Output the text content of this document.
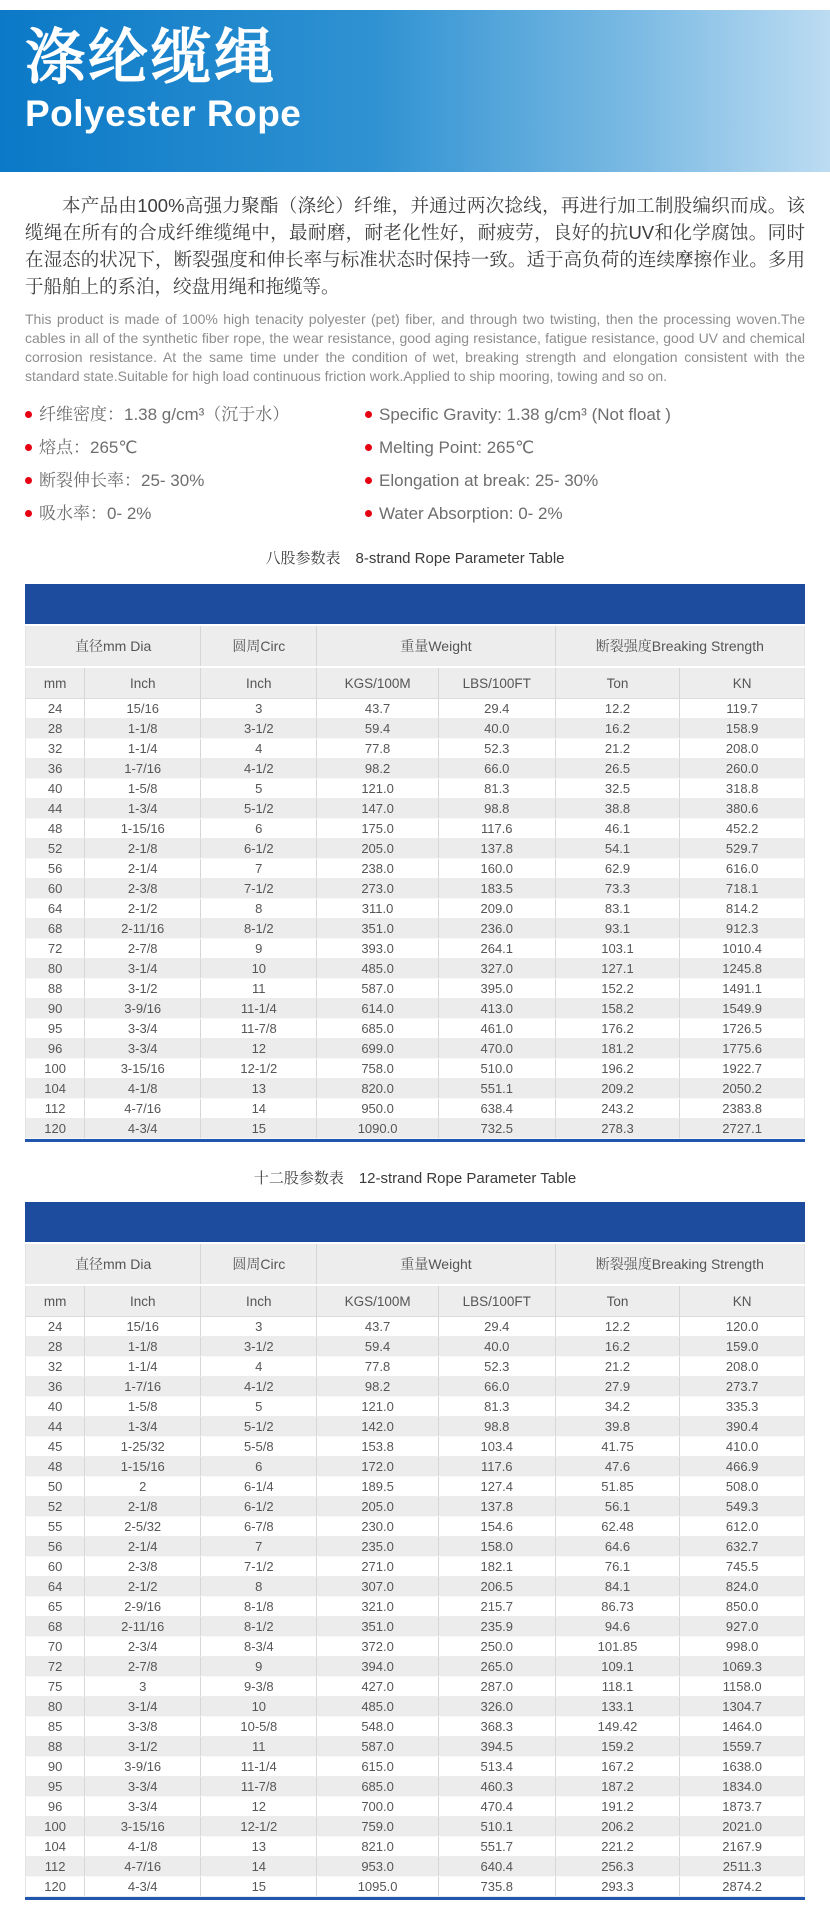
涤纶缆绳
Polyester Rope

本产品由100%高强力聚酯（涤纶）纤维，并通过两次捻线，再进行加工制股编织而成。该缆绳在所有的合成纤维缆绳中，最耐磨，耐老化性好，耐疲劳，良好的抗UV和化学腐蚀。同时在湿态的状况下，断裂强度和伸长率与标准状态时保持一致。适于高负荷的连续摩擦作业。多用于船舶上的系泊，绞盘用绳和拖缆等。

This product is made of 100% high tenacity polyester (pet) fiber, and through two twisting, then the processing woven.The cables in all of the synthetic fiber rope, the wear resistance, good aging resistance, fatigue resistance, good UV and chemical corrosion resistance. At the same time under the condition of wet, breaking strength and elongation consistent with the standard state.Suitable for high load continuous friction work.Applied to ship mooring, towing and so on.

纤维密度：1.38 g/cm³（沉于水）
熔点：265℃
断裂伸长率：25- 30%
吸水率：0- 2%
Specific Gravity: 1.38 g/cm³ (Not float )
Melting Point: 265℃
Elongation at break: 25- 30%
Water Absorption: 0- 2%
八股参数表　8-strand Rope Parameter Table
直径mm Dia		圆周Circ	重量Weight		断裂强度Breaking Strength	
mm	Inch	Inch	KGS/100M	LBS/100FT	Ton	KN
24	15/16	3	43.7	29.4	12.2	119.7
28	1-1/8	3-1/2	59.4	40.0	16.2	158.9
32	1-1/4	4	77.8	52.3	21.2	208.0
36	1-7/16	4-1/2	98.2	66.0	26.5	260.0
40	1-5/8	5	121.0	81.3	32.5	318.8
44	1-3/4	5-1/2	147.0	98.8	38.8	380.6
48	1-15/16	6	175.0	117.6	46.1	452.2
52	2-1/8	6-1/2	205.0	137.8	54.1	529.7
56	2-1/4	7	238.0	160.0	62.9	616.0
60	2-3/8	7-1/2	273.0	183.5	73.3	718.1
64	2-1/2	8	311.0	209.0	83.1	814.2
68	2-11/16	8-1/2	351.0	236.0	93.1	912.3
72	2-7/8	9	393.0	264.1	103.1	1010.4
80	3-1/4	10	485.0	327.0	127.1	1245.8
88	3-1/2	11	587.0	395.0	152.2	1491.1
90	3-9/16	11-1/4	614.0	413.0	158.2	1549.9
95	3-3/4	11-7/8	685.0	461.0	176.2	1726.5
96	3-3/4	12	699.0	470.0	181.2	1775.6
100	3-15/16	12-1/2	758.0	510.0	196.2	1922.7
104	4-1/8	13	820.0	551.1	209.2	2050.2
112	4-7/16	14	950.0	638.4	243.2	2383.8
120	4-3/4	15	1090.0	732.5	278.3	2727.1
十二股参数表　12-strand Rope Parameter Table
直径mm Dia		圆周Circ	重量Weight		断裂强度Breaking Strength	
mm	Inch	Inch	KGS/100M	LBS/100FT	Ton	KN
24	15/16	3	43.7	29.4	12.2	120.0
28	1-1/8	3-1/2	59.4	40.0	16.2	159.0
32	1-1/4	4	77.8	52.3	21.2	208.0
36	1-7/16	4-1/2	98.2	66.0	27.9	273.7
40	1-5/8	5	121.0	81.3	34.2	335.3
44	1-3/4	5-1/2	142.0	98.8	39.8	390.4
45	1-25/32	5-5/8	153.8	103.4	41.75	410.0
48	1-15/16	6	172.0	117.6	47.6	466.9
50	2	6-1/4	189.5	127.4	51.85	508.0
52	2-1/8	6-1/2	205.0	137.8	56.1	549.3
55	2-5/32	6-7/8	230.0	154.6	62.48	612.0
56	2-1/4	7	235.0	158.0	64.6	632.7
60	2-3/8	7-1/2	271.0	182.1	76.1	745.5
64	2-1/2	8	307.0	206.5	84.1	824.0
65	2-9/16	8-1/8	321.0	215.7	86.73	850.0
68	2-11/16	8-1/2	351.0	235.9	94.6	927.0
70	2-3/4	8-3/4	372.0	250.0	101.85	998.0
72	2-7/8	9	394.0	265.0	109.1	1069.3
75	3	9-3/8	427.0	287.0	118.1	1158.0
80	3-1/4	10	485.0	326.0	133.1	1304.7
85	3-3/8	10-5/8	548.0	368.3	149.42	1464.0
88	3-1/2	11	587.0	394.5	159.2	1559.7
90	3-9/16	11-1/4	615.0	513.4	167.2	1638.0
95	3-3/4	11-7/8	685.0	460.3	187.2	1834.0
96	3-3/4	12	700.0	470.4	191.2	1873.7
100	3-15/16	12-1/2	759.0	510.1	206.2	2021.0
104	4-1/8	13	821.0	551.7	221.2	2167.9
112	4-7/16	14	953.0	640.4	256.3	2511.3
120	4-3/4	15	1095.0	735.8	293.3	2874.2
